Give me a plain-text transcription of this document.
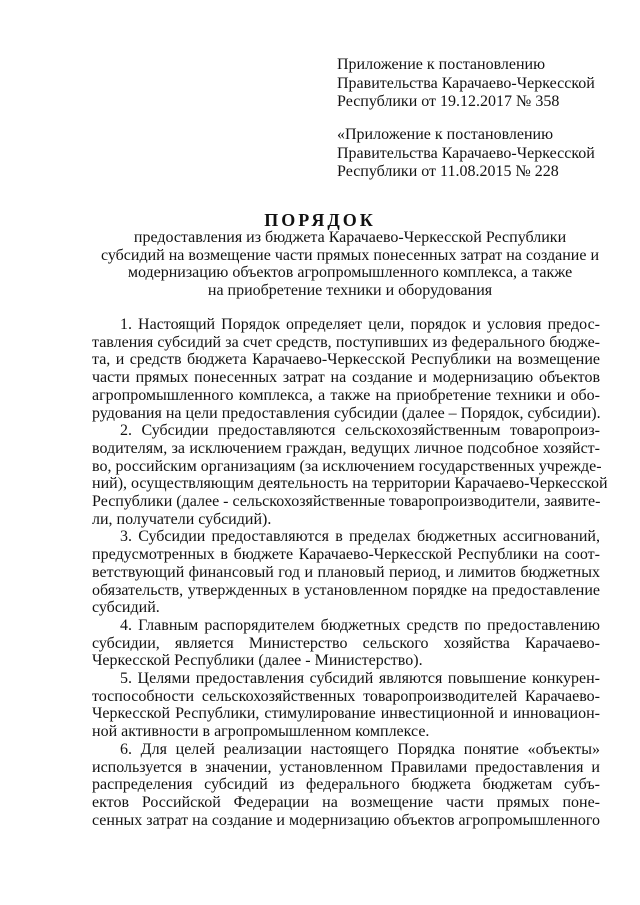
Приложение к постановлению
Правительства Карачаево-Черкесской
Республики от 19.12.2017 № 358
«Приложение к постановлению
Правительства Карачаево-Черкесской
Республики от 11.08.2015 № 228
ПОРЯДОК
предоставления из бюджета Карачаево-Черкесской Республики
субсидий на возмещение части прямых понесенных затрат на создание и
модернизацию объектов агропромышленного комплекса, а также
на приобретение техники и оборудования
1. Настоящий Порядок определяет цели, порядок и условия предос-
тавления субсидий за счет средств, поступивших из федерального бюдже-
та, и средств бюджета Карачаево-Черкесской Республики на возмещение
части прямых понесенных затрат на создание и модернизацию объектов
агропромышленного комплекса, а также на приобретение техники и обо-
рудования на цели предоставления субсидии (далее – Порядок, субсидии).
2. Субсидии предоставляются сельскохозяйственным товаропроиз-
водителям, за исключением граждан, ведущих личное подсобное хозяйст-
во, российским организациям (за исключением государственных учрежде-
ний), осуществляющим деятельность на территории Карачаево-Черкесской
Республики (далее - сельскохозяйственные товаропроизводители, заявите-
ли, получатели субсидий).
3. Субсидии предоставляются в пределах бюджетных ассигнований,
предусмотренных в бюджете Карачаево-Черкесской Республики на соот-
ветствующий финансовый год и плановый период, и лимитов бюджетных
обязательств, утвержденных в установленном порядке на предоставление
субсидий.
4. Главным распорядителем бюджетных средств по предоставлению
субсидии, является Министерство сельского хозяйства Карачаево-
Черкесской Республики (далее - Министерство).
5. Целями предоставления субсидий являются повышение конкурен-
тоспособности сельскохозяйственных товаропроизводителей Карачаево-
Черкесской Республики, стимулирование инвестиционной и инновацион-
ной активности в агропромышленном комплексе.
6. Для целей реализации настоящего Порядка понятие «объекты»
используется в значении, установленном Правилами предоставления и
распределения субсидий из федерального бюджета бюджетам субъ-
ектов Российской Федерации на возмещение части прямых поне-
сенных затрат на создание и модернизацию объектов агропромышленного
